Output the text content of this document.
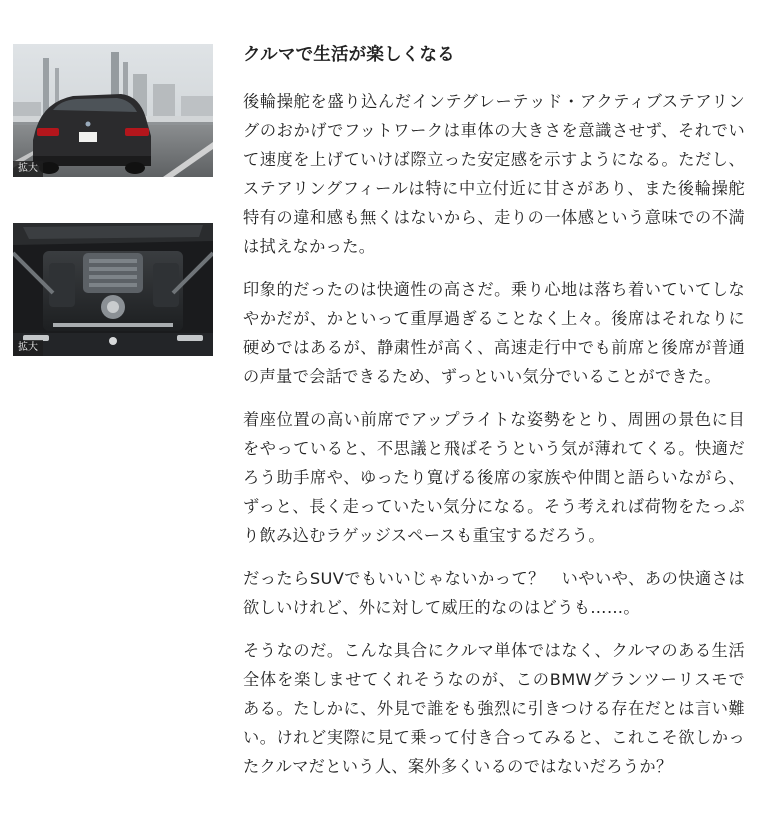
拡大
拡大
クルマで生活が楽しくなる

後輪操舵を盛り込んだインテグレーテッド・アクティブステアリングのおかげでフットワークは車体の大きさを意識させず、それでいて速度を上げていけば際立った安定感を示すようになる。ただし、ステアリングフィールは特に中立付近に甘さがあり、また後輪操舵特有の違和感も無くはないから、走りの一体感という意味での不満は拭えなかった。

印象的だったのは快適性の高さだ。乗り心地は落ち着いていてしなやかだが、かといって重厚過ぎることなく上々。後席はそれなりに硬めではあるが、静粛性が高く、高速走行中でも前席と後席が普通の声量で会話できるため、ずっといい気分でいることができた。

着座位置の高い前席でアップライトな姿勢をとり、周囲の景色に目をやっていると、不思議と飛ばそうという気が薄れてくる。快適だろう助手席や、ゆったり寛げる後席の家族や仲間と語らいながら、ずっと、長く走っていたい気分になる。そう考えれば荷物をたっぷり飲み込むラゲッジスペースも重宝するだろう。

だったらSUVでもいいじゃないかって？　いやいや、あの快適さは欲しいけれど、外に対して威圧的なのはどうも……。

そうなのだ。こんな具合にクルマ単体ではなく、クルマのある生活全体を楽しませてくれそうなのが、このBMWグランツーリスモである。たしかに、外見で誰をも強烈に引きつける存在だとは言い難い。けれど実際に見て乗って付き合ってみると、これこそ欲しかったクルマだという人、案外多くいるのではないだろうか？
